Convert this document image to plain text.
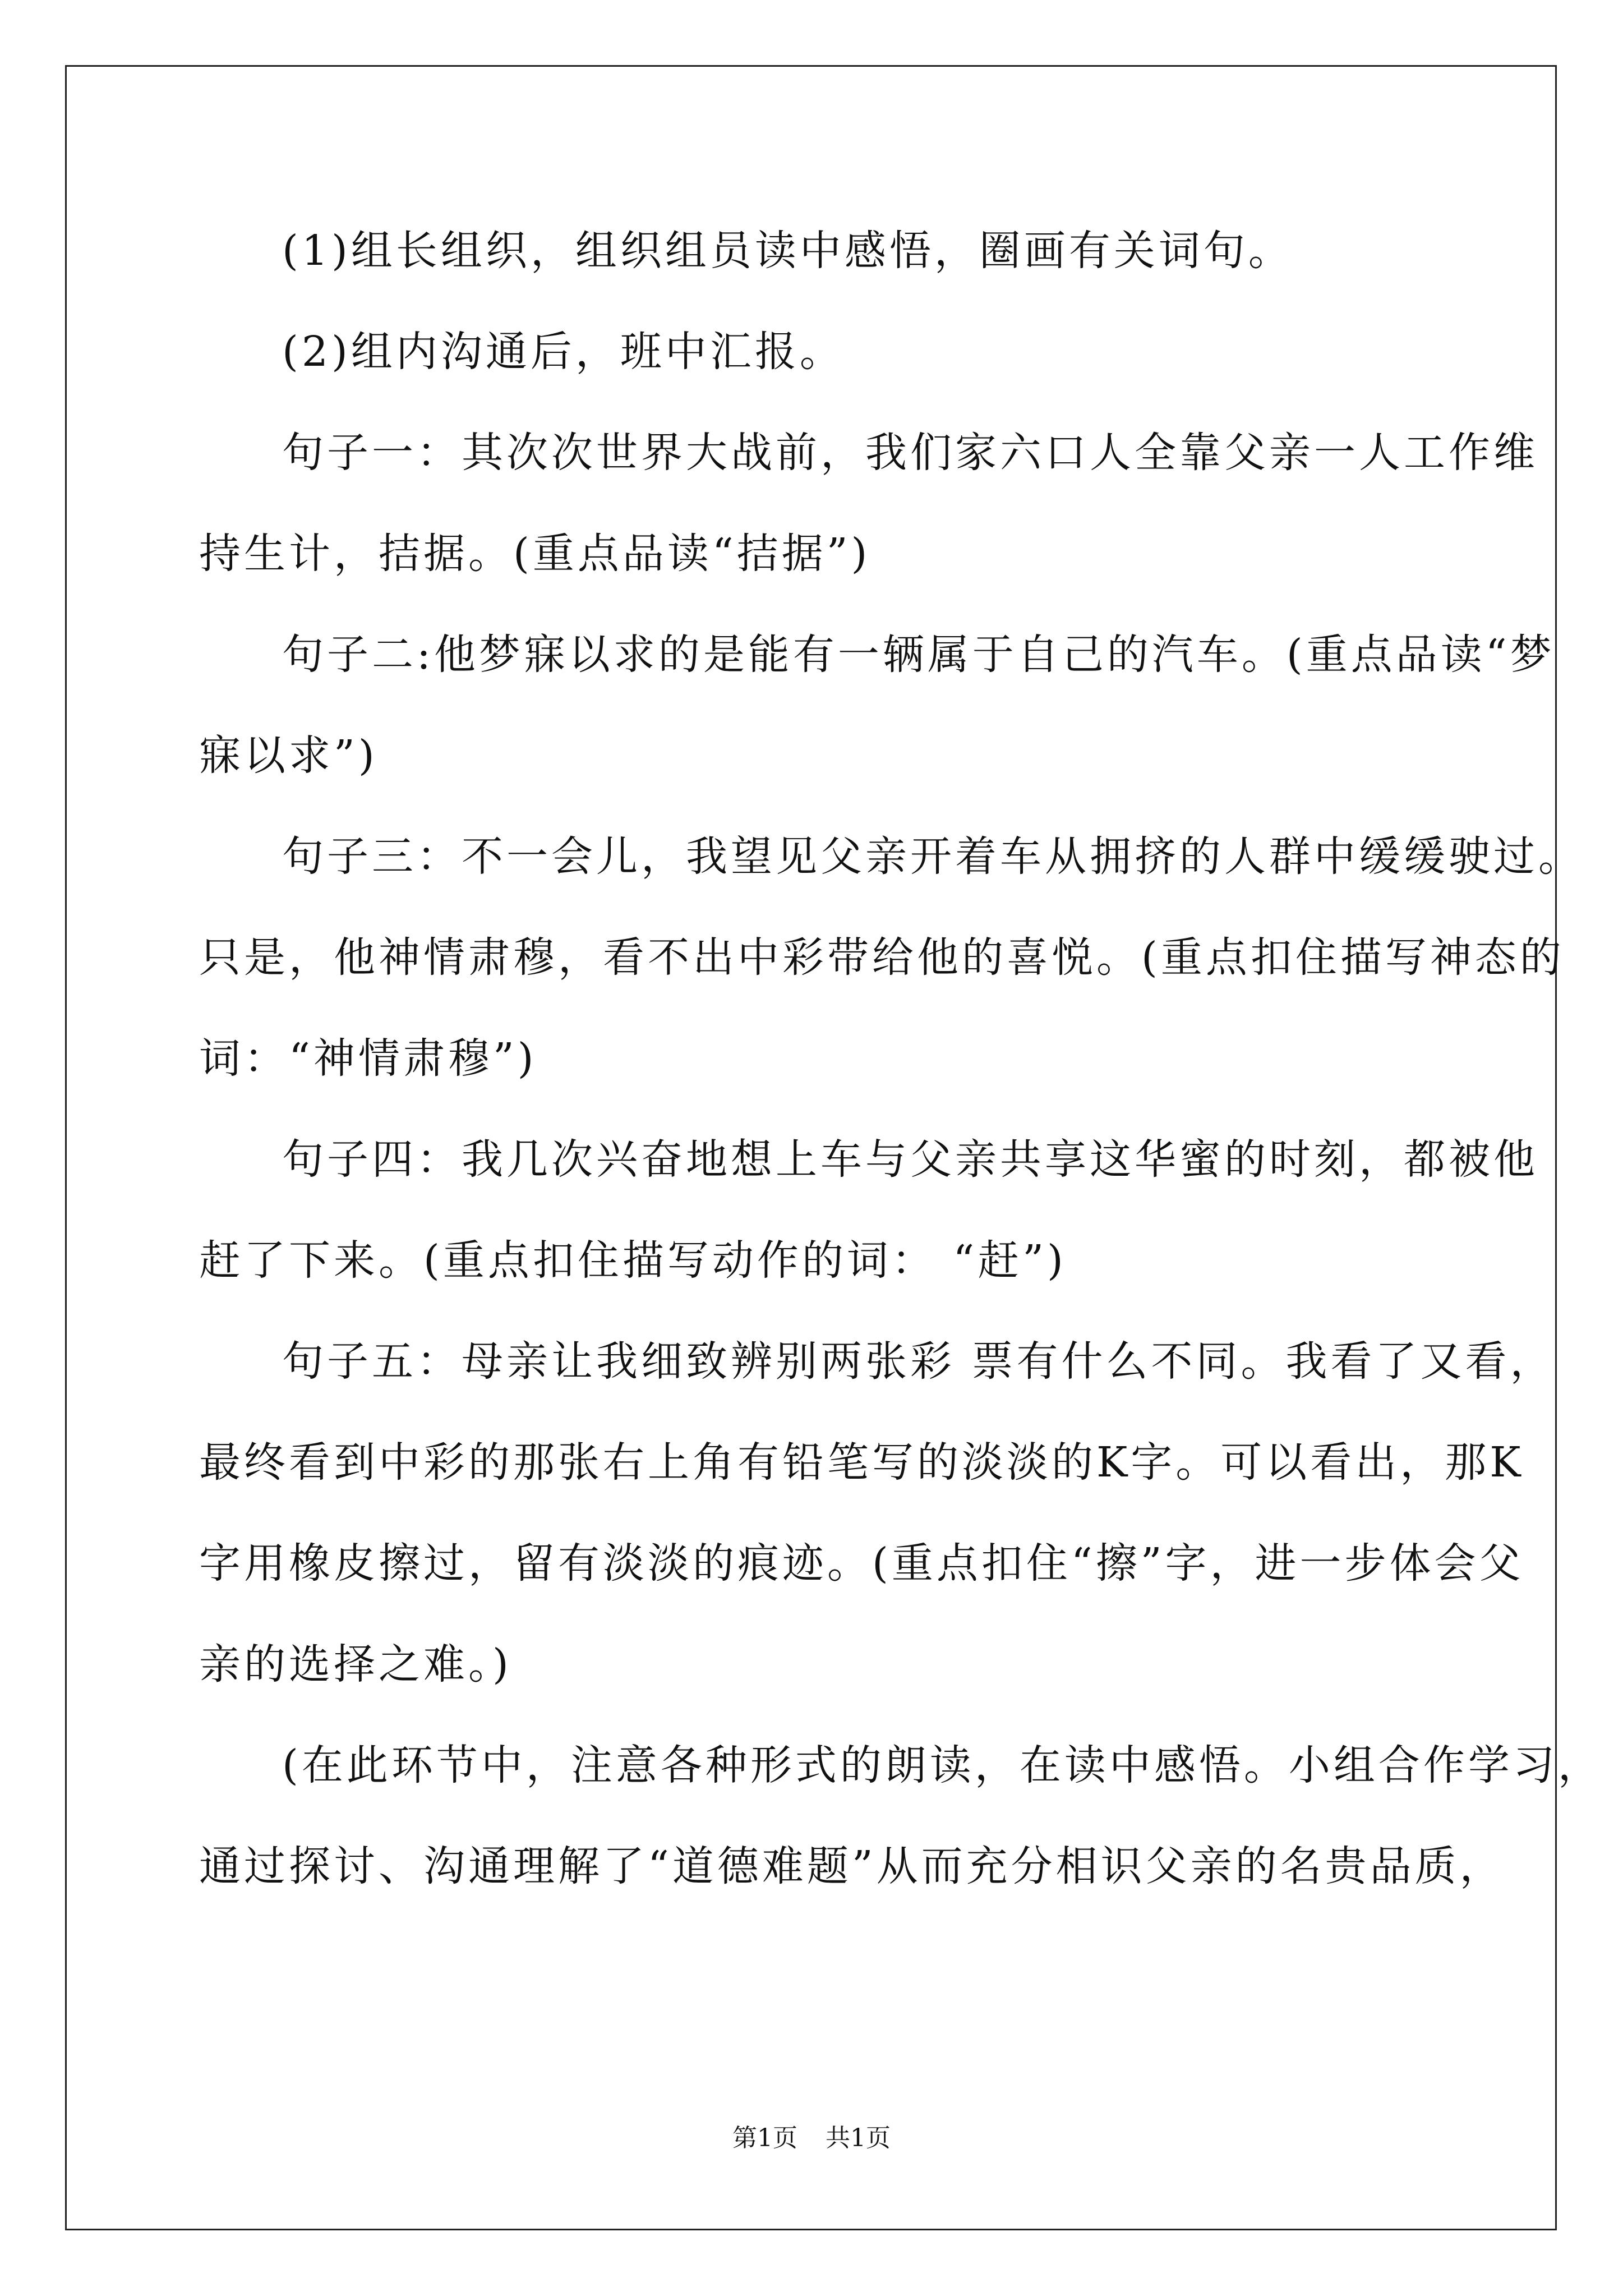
(1)组长组织，组织组员读中感悟，圈画有关词句。
(2)组内沟通后，班中汇报。
句子一：其次次世界大战前，我们家六口人全靠父亲一人工作维
持生计，拮据。(重点品读“拮据”)
句子二:他梦寐以求的是能有一辆属于自己的汽车。(重点品读“梦
寐以求”)
句子三：不一会儿，我望见父亲开着车从拥挤的人群中缓缓驶过。
只是，他神情肃穆，看不出中彩带给他的喜悦。(重点扣住描写神态的
词：“神情肃穆”)
句子四：我几次兴奋地想上车与父亲共享这华蜜的时刻，都被他
赶了下来。(重点扣住描写动作的词： “赶”)
句子五：母亲让我细致辨别两张彩 票有什么不同。我看了又看，
最终看到中彩的那张右上角有铅笔写的淡淡的K字。可以看出，那K
字用橡皮擦过，留有淡淡的痕迹。(重点扣住“擦”字，进一步体会父
亲的选择之难。)
(在此环节中，注意各种形式的朗读，在读中感悟。小组合作学习，
通过探讨、沟通理解了“道德难题”从而充分相识父亲的名贵品质，
第1页 共1页
